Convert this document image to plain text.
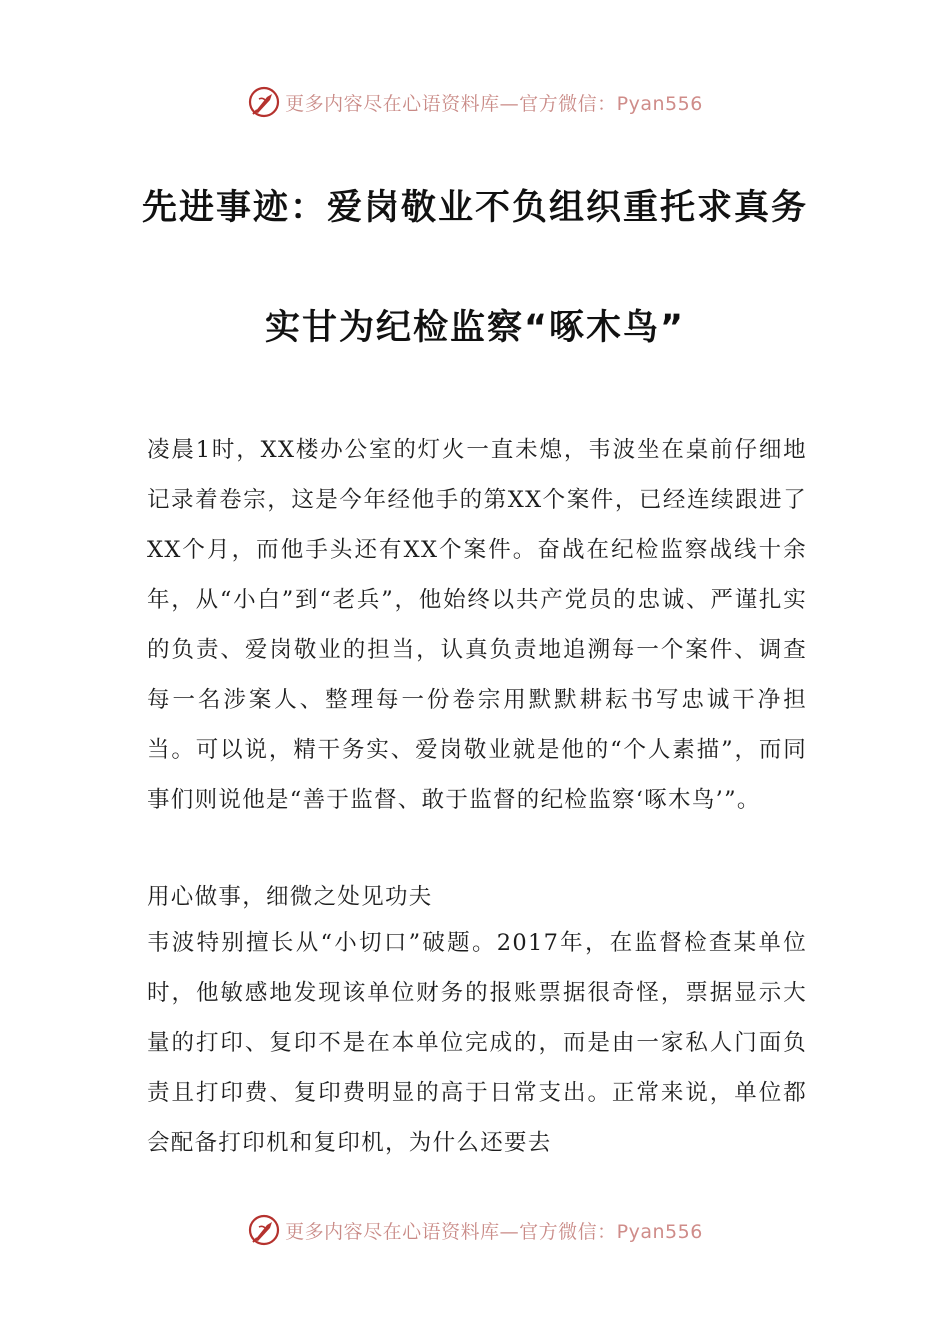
更多内容尽在心语资料库—官方微信：Pyan556
先进事迹：爱岗敬业不负组织重托求真务
实甘为纪检监察“啄木鸟”

凌晨1时，XX楼办公室的灯火一直未熄，韦波坐在桌前仔细地记录着卷宗，这是今年经他手的第XX个案件，已经连续跟进了XX个月，而他手头还有XX个案件。奋战在纪检监察战线十余年，从“小白”到“老兵”，他始终以共产党员的忠诚、严谨扎实的负责、爱岗敬业的担当，认真负责地追溯每一个案件、调查每一名涉案人、整理每一份卷宗用默默耕耘书写忠诚干净担当。可以说，精干务实、爱岗敬业就是他的“个人素描”，而同事们则说他是“善于监督、敢于监督的纪检监察‘啄木鸟’”。

用心做事，细微之处见功夫

韦波特别擅长从“小切口”破题。2017年，在监督检查某单位时，他敏感地发现该单位财务的报账票据很奇怪，票据显示大量的打印、复印不是在本单位完成的，而是由一家私人门面负责且打印费、复印费明显的高于日常支出。正常来说，单位都会配备打印机和复印机，为什么还要去

更多内容尽在心语资料库—官方微信：Pyan556
